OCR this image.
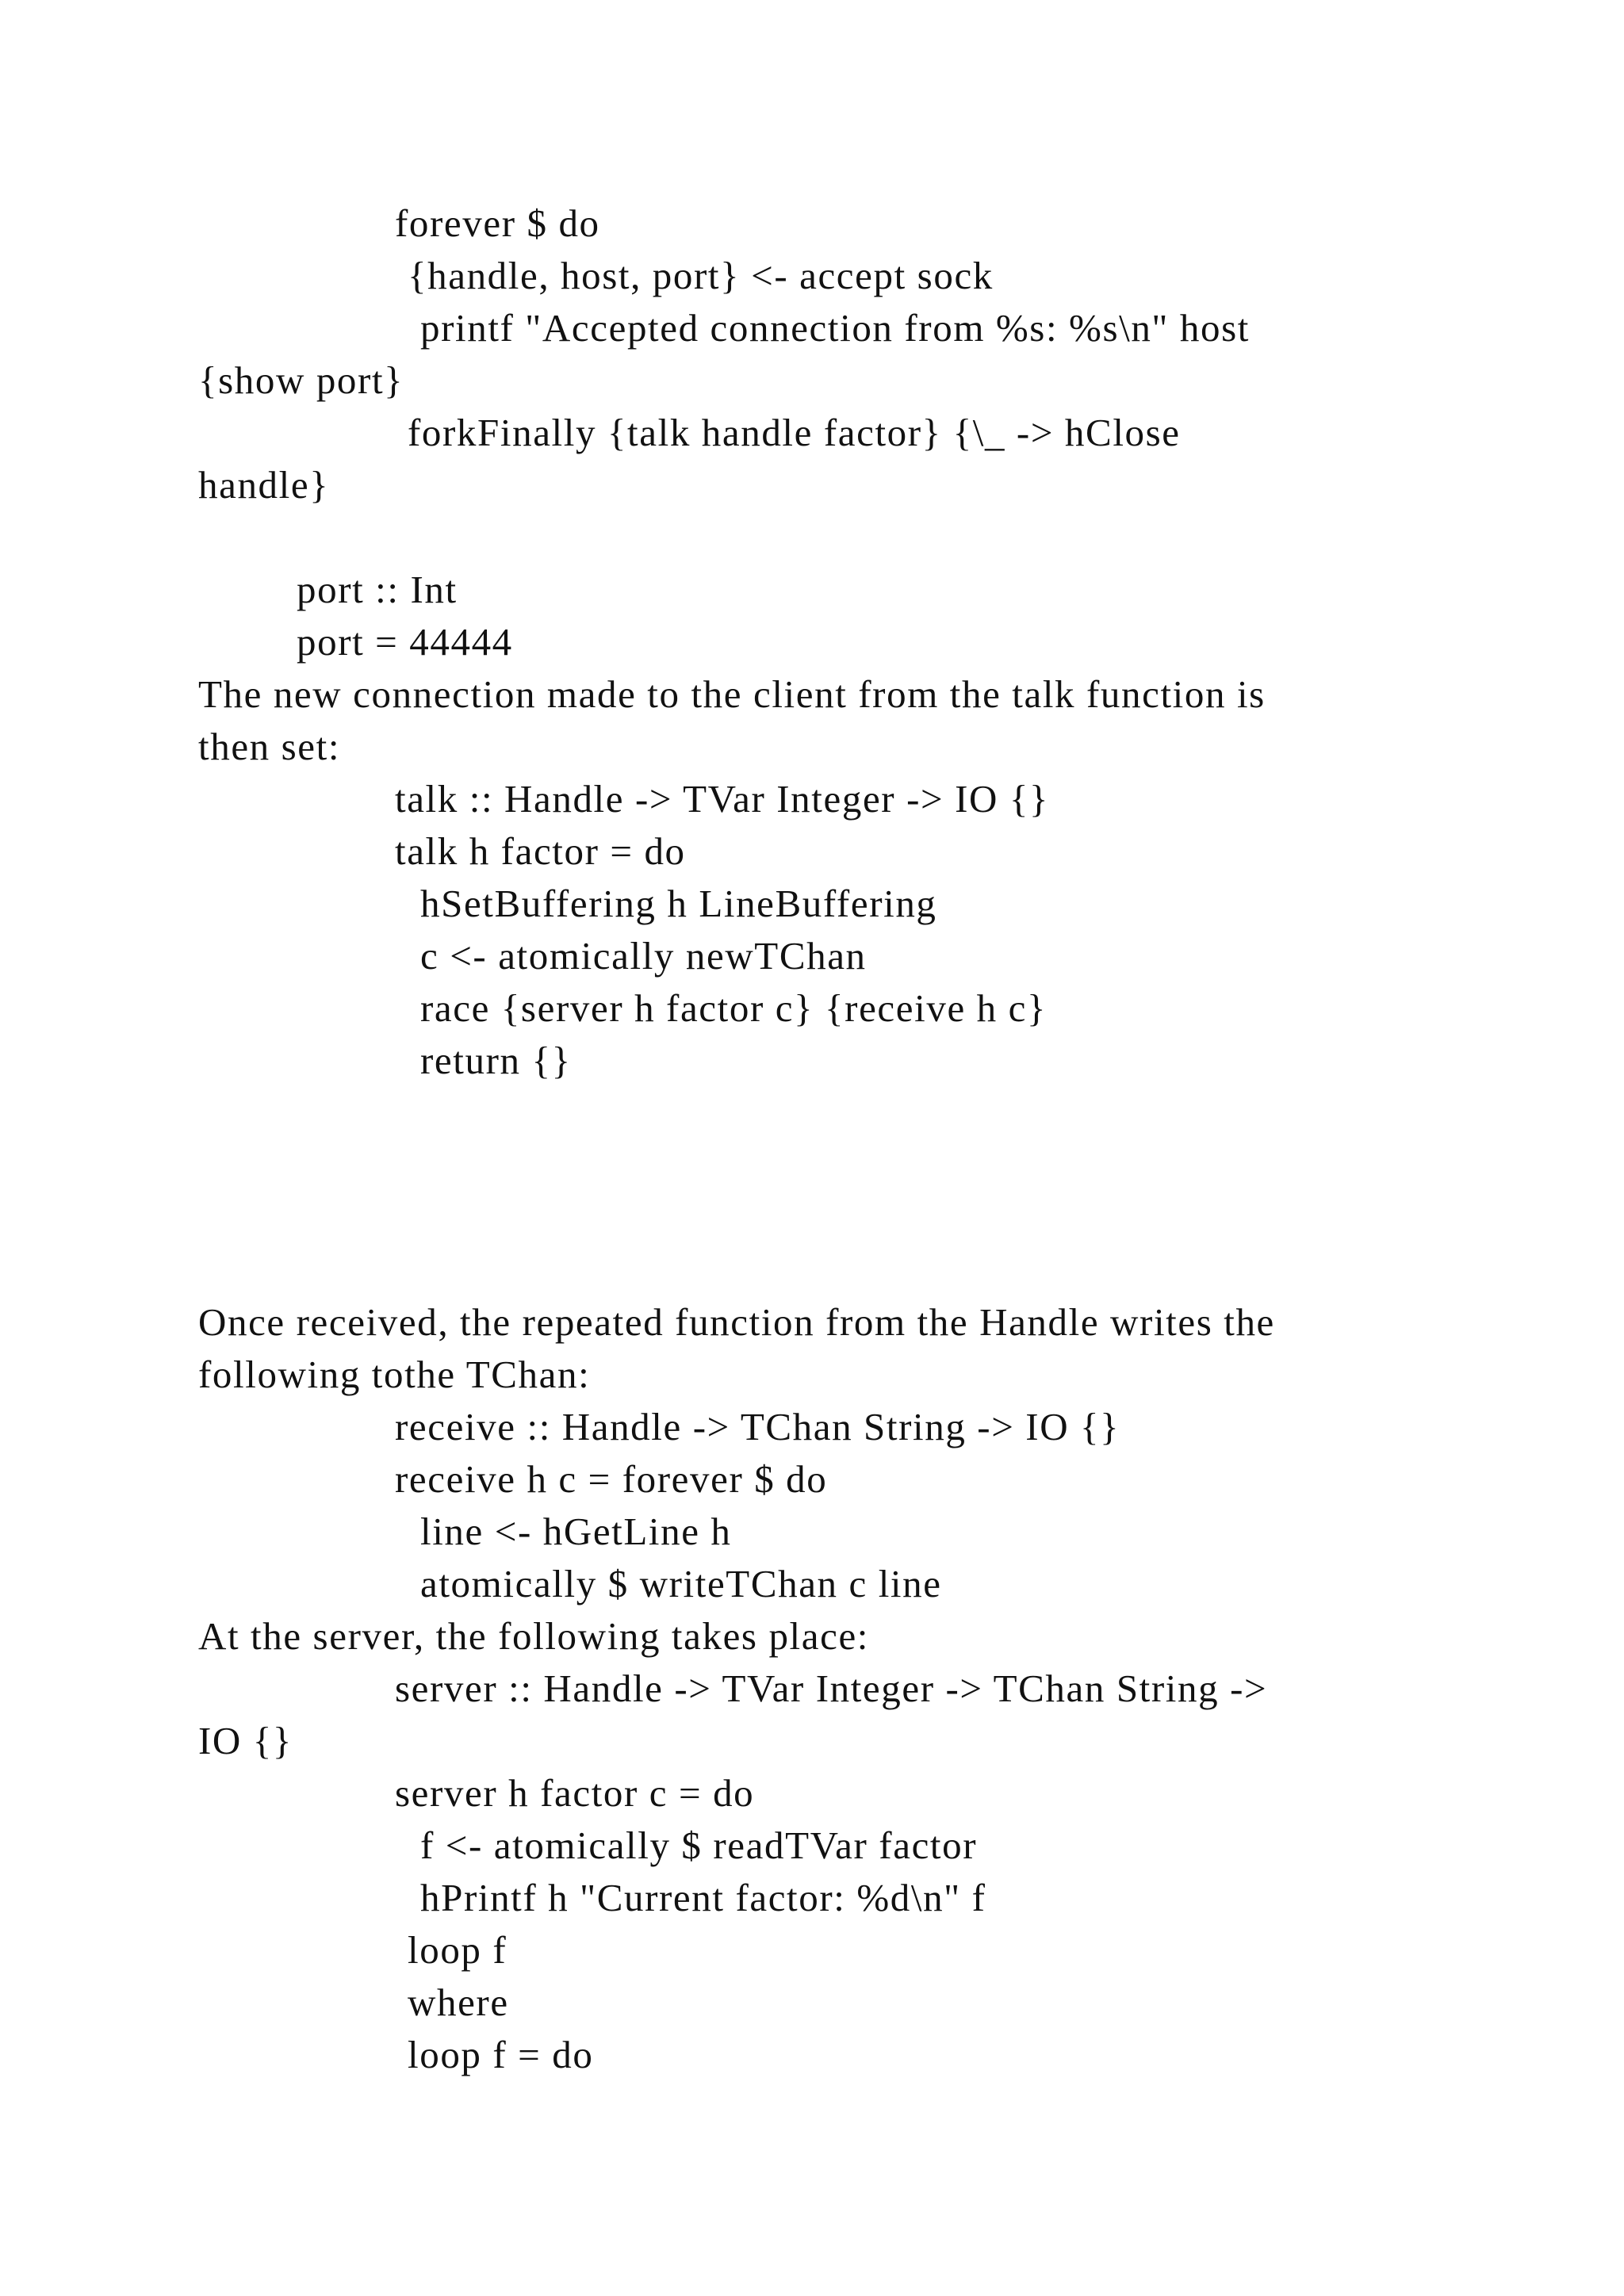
forever $ do
{handle, host, port} <- accept sock
printf "Accepted connection from %s: %s\n" host
{show port}
forkFinally {talk handle factor} {\_ -> hClose
handle}
port :: Int
port = 44444
The new connection made to the client from the talk function is
then set:
talk :: Handle -> TVar Integer -> IO {}
talk h factor = do
hSetBuffering h LineBuffering
c <- atomically newTChan
race {server h factor c} {receive h c}
return {}
Once received, the repeated function from the Handle writes the
following tothe TChan:
receive :: Handle -> TChan String -> IO {}
receive h c = forever $ do
line <- hGetLine h
atomically $ writeTChan c line
At the server, the following takes place:
server :: Handle -> TVar Integer -> TChan String ->
IO {}
server h factor c = do
f <- atomically $ readTVar factor
hPrintf h "Current factor: %d\n" f
loop f
where
loop f = do
